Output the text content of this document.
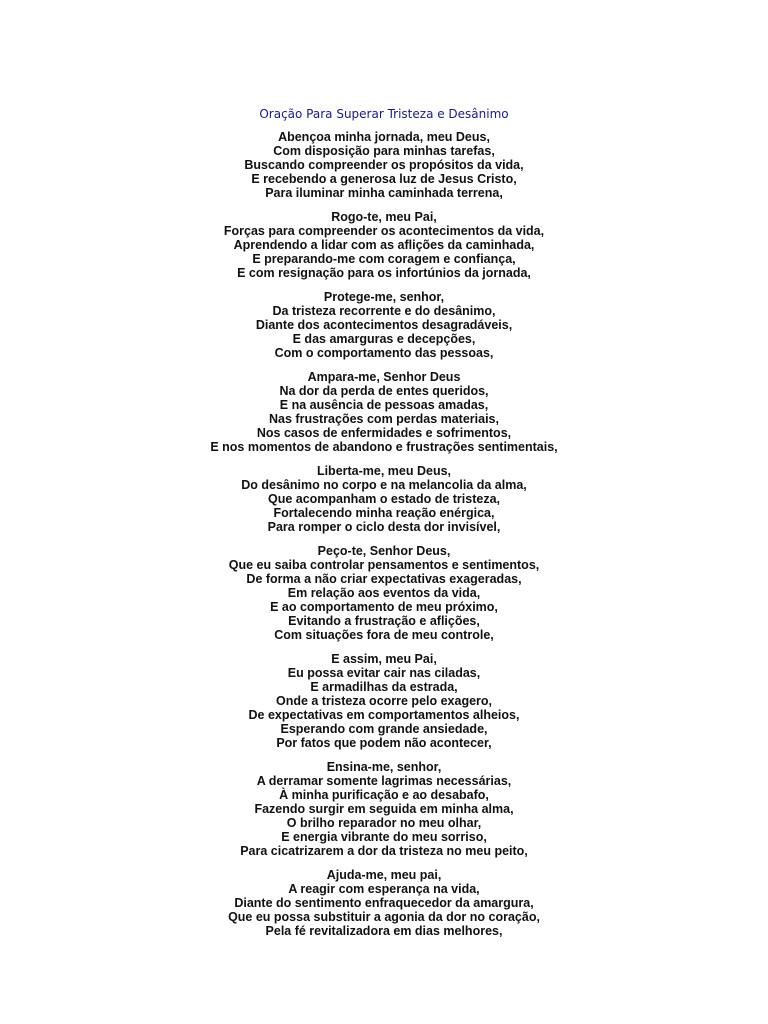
Oração Para Superar Tristeza e Desânimo
Abençoa minha jornada, meu Deus,
Com disposição para minhas tarefas,
Buscando compreender os propósitos da vida,
E recebendo a generosa luz de Jesus Cristo,
Para iluminar minha caminhada terrena,
Rogo-te, meu Pai,
Forças para compreender os acontecimentos da vida,
Aprendendo a lidar com as aflições da caminhada,
E preparando-me com coragem e confiança,
E com resignação para os infortúnios da jornada,
Protege-me, senhor,
Da tristeza recorrente e do desânimo,
Diante dos acontecimentos desagradáveis,
E das amarguras e decepções,
Com o comportamento das pessoas,
Ampara-me, Senhor Deus
Na dor da perda de entes queridos,
E na ausência de pessoas amadas,
Nas frustrações com perdas materiais,
Nos casos de enfermidades e sofrimentos,
E nos momentos de abandono e frustrações sentimentais,
Liberta-me, meu Deus,
Do desânimo no corpo e na melancolia da alma,
Que acompanham o estado de tristeza,
Fortalecendo minha reação enérgica,
Para romper o ciclo desta dor invisível,
Peço-te, Senhor Deus,
Que eu saiba controlar pensamentos e sentimentos,
De forma a não criar expectativas exageradas,
Em relação aos eventos da vida,
E ao comportamento de meu próximo,
Evitando a frustração e aflições,
Com situações fora de meu controle,
E assim, meu Pai,
Eu possa evitar cair nas ciladas,
E armadilhas da estrada,
Onde a tristeza ocorre pelo exagero,
De expectativas em comportamentos alheios,
Esperando com grande ansiedade,
Por fatos que podem não acontecer,
Ensina-me, senhor,
A derramar somente lagrimas necessárias,
À minha purificação e ao desabafo,
Fazendo surgir em seguida em minha alma,
O brilho reparador no meu olhar,
E energia vibrante do meu sorriso,
Para cicatrizarem a dor da tristeza no meu peito,
Ajuda-me, meu pai,
A reagir com esperança na vida,
Diante do sentimento enfraquecedor da amargura,
Que eu possa substituir a agonia da dor no coração,
Pela fé revitalizadora em dias melhores,
